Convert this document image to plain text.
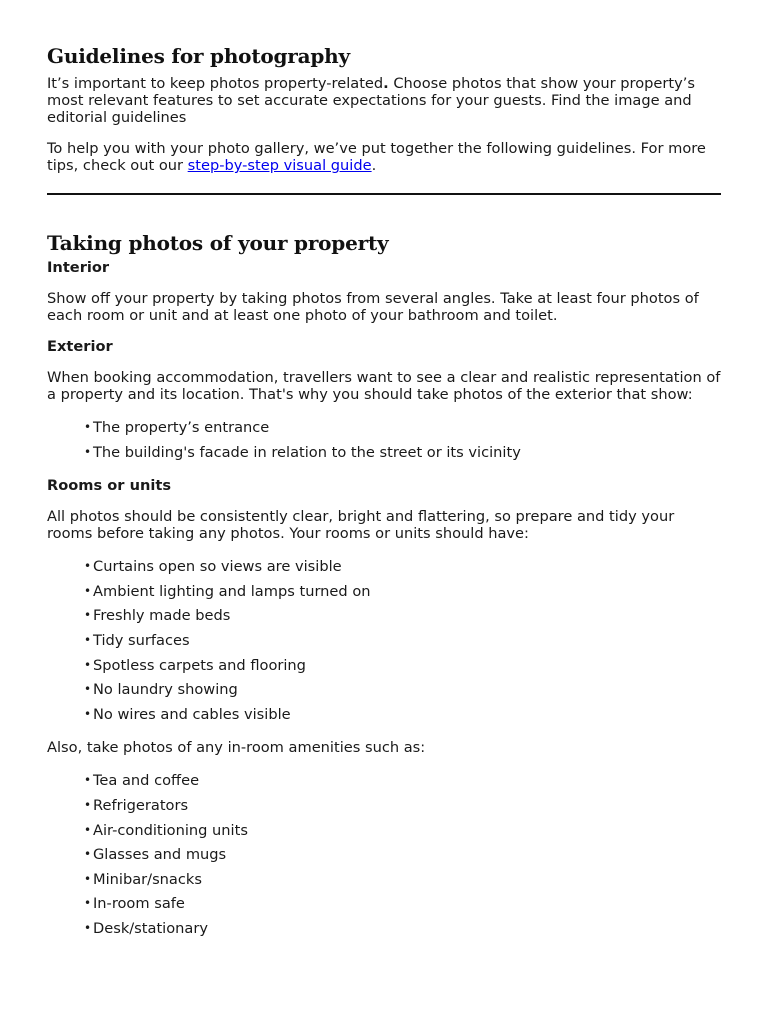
Guidelines for photography

It’s important to keep photos property-related. Choose photos that show your property’s most relevant features to set accurate expectations for your guests. Find the image and editorial guidelines

To help you with your photo gallery, we’ve put together the following guidelines. For more tips, check out our step-by-step visual guide.

Taking photos of your property
Interior

Show off your property by taking photos from several angles. Take at least four photos of each room or unit and at least one photo of your bathroom and toilet.

Exterior

When booking accommodation, travellers want to see a clear and realistic representation of a property and its location. That's why you should take photos of the exterior that show:

• The property’s entrance
• The building's facade in relation to the street or its vicinity
Rooms or units

All photos should be consistently clear, bright and flattering, so prepare and tidy your rooms before taking any photos. Your rooms or units should have:

• Curtains open so views are visible
• Ambient lighting and lamps turned on
• Freshly made beds
• Tidy surfaces
• Spotless carpets and flooring
• No laundry showing
• No wires and cables visible

Also, take photos of any in-room amenities such as:

• Tea and coffee
• Refrigerators
• Air-conditioning units
• Glasses and mugs
• Minibar/snacks
• In-room safe
• Desk/stationary
